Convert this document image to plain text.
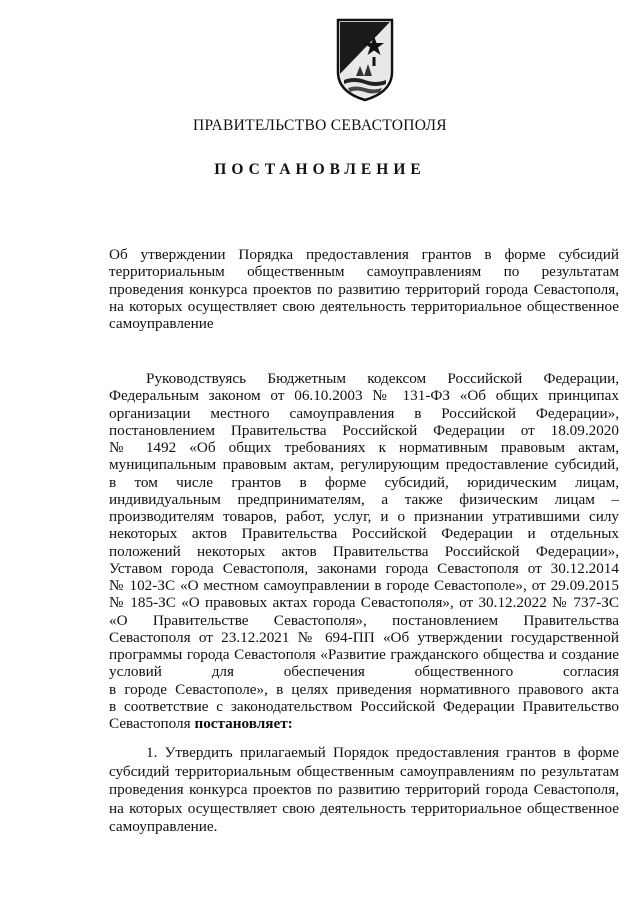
ПРАВИТЕЛЬСТВО СЕВАСТОПОЛЯ
ПОСТАНОВЛЕНИЕ
Об утверждении Порядка предоставления грантов в форме субсидий
территориальным общественным самоуправлениям по результатам
проведения конкурса проектов по развитию территорий города Севастополя,
на которых осуществляет свою деятельность территориальное общественное
самоуправление
Руководствуясь Бюджетным кодексом Российской Федерации,
Федеральным законом от 06.10.2003 № 131-ФЗ «Об общих принципах
организации местного самоуправления в Российской Федерации»,
постановлением Правительства Российской Федерации от 18.09.2020
№ 1492 «Об общих требованиях к нормативным правовым актам,
муниципальным правовым актам, регулирующим предоставление субсидий,
в том числе грантов в форме субсидий, юридическим лицам,
индивидуальным предпринимателям, а также физическим лицам –
производителям товаров, работ, услуг, и о признании утратившими силу
некоторых актов Правительства Российской Федерации и отдельных
положений некоторых актов Правительства Российской Федерации»,
Уставом города Севастополя, законами города Севастополя от 30.12.2014
№ 102-ЗС «О местном самоуправлении в городе Севастополе», от 29.09.2015
№ 185-ЗС «О правовых актах города Севастополя», от 30.12.2022 № 737-ЗС
«О Правительстве Севастополя», постановлением Правительства
Севастополя от 23.12.2021 № 694-ПП «Об утверждении государственной
программы города Севастополя «Развитие гражданского общества и создание
условий для обеспечения общественного согласия
в городе Севастополе», в целях приведения нормативного правового акта
в соответствие с законодательством Российской Федерации Правительство
Севастополя постановляет:
1. Утвердить прилагаемый Порядок предоставления грантов в форме
субсидий территориальным общественным самоуправлениям по результатам
проведения конкурса проектов по развитию территорий города Севастополя,
на которых осуществляет свою деятельность территориальное общественное
самоуправление.
